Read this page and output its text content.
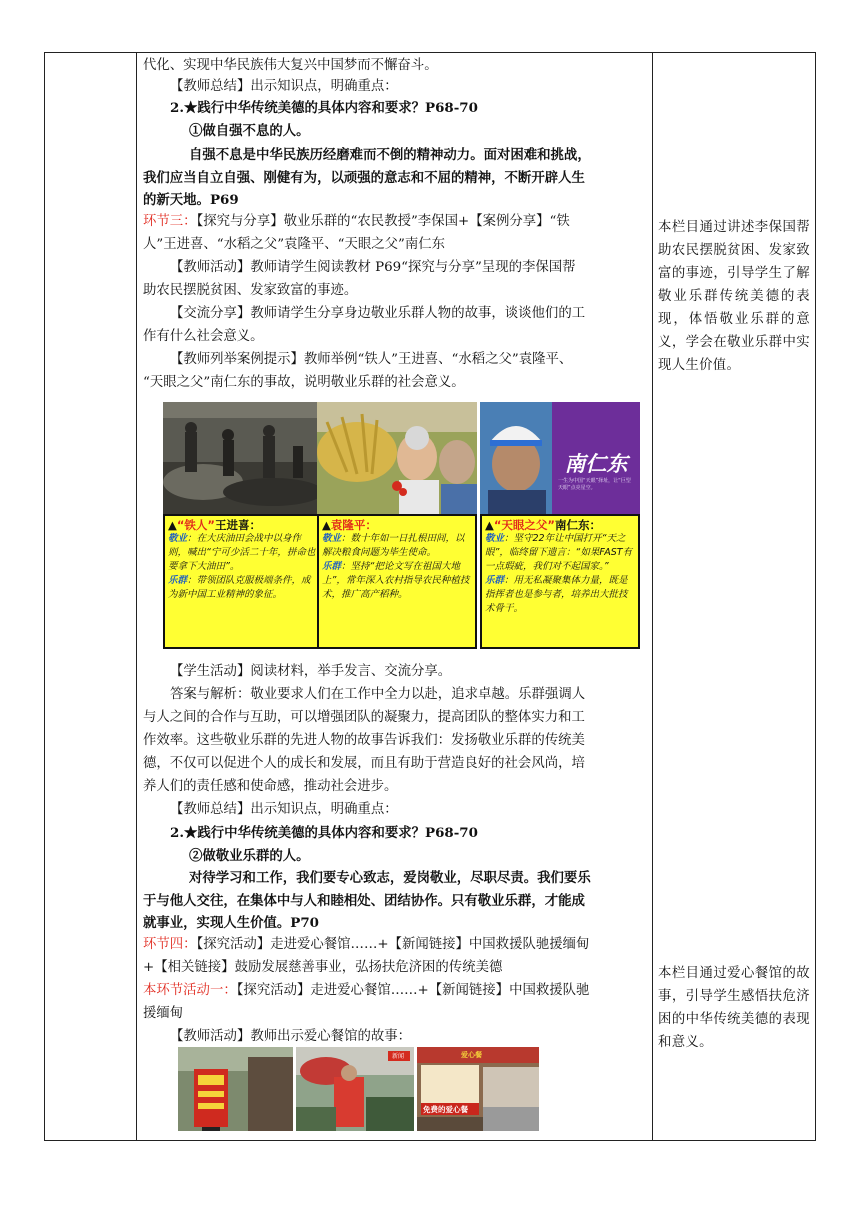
代化、实现中华民族伟大复兴中国梦而不懈奋斗。
【教师总结】出示知识点，明确重点：
2.★践行中华传统美德的具体内容和要求？P68-70
①做自强不息的人。
自强不息是中华民族历经磨难而不倒的精神动力。面对困难和挑战，
我们应当自立自强、刚健有为，以顽强的意志和不屈的精神，不断开辟人生
的新天地。P69
环节三：【探究与分享】敬业乐群的“农民教授”李保国+【案例分享】“铁
人”王进喜、“水稻之父”袁隆平、“天眼之父”南仁东
【教师活动】教师请学生阅读教材 P69“探究与分享”呈现的李保国帮
助农民摆脱贫困、发家致富的事迹。
【交流分享】教师请学生分享身边敬业乐群人物的故事，谈谈他们的工
作有什么社会意义。
【教师列举案例提示】教师举例“铁人”王进喜、“水稻之父”袁隆平、
“天眼之父”南仁东的事故，说明敬业乐群的社会意义。
▲“铁人”王进喜：

敬业：在大庆油田会战中以身作则，喊出“宁可少活二十年，拼命也要拿下大油田”。

乐群：带领团队克服极端条件，成为新中国工业精神的象征。

▲袁隆平：

敬业：数十年如一日扎根田间，以解决粮食问题为毕生使命。

乐群：坚持“把论文写在祖国大地上”，常年深入农村指导农民种植技术，推广高产稻种。

南仁东
一生为中国“天眼”择址，让“巨型天眼”点亮星空。
▲“天眼之父”南仁东：

敬业：坚守22年让中国打开“天之眼”，临终留下遗言：“如果FAST有一点瑕疵，我们对不起国家。”

乐群：用无私凝聚集体力量，既是指挥者也是参与者，培养出大批技术骨干。

【学生活动】阅读材料，举手发言、交流分享。
答案与解析：敬业要求人们在工作中全力以赴，追求卓越。乐群强调人
与人之间的合作与互助，可以增强团队的凝聚力，提高团队的整体实力和工
作效率。这些敬业乐群的先进人物的故事告诉我们：发扬敬业乐群的传统美
德，不仅可以促进个人的成长和发展，而且有助于营造良好的社会风尚，培
养人们的责任感和使命感，推动社会进步。
【教师总结】出示知识点，明确重点：
2.★践行中华传统美德的具体内容和要求？P68-70
②做敬业乐群的人。
对待学习和工作，我们要专心致志，爱岗敬业，尽职尽责。我们要乐
于与他人交往，在集体中与人和睦相处、团结协作。只有敬业乐群，才能成
就事业，实现人生价值。P70
环节四：【探究活动】走进爱心餐馆……+【新闻链接】中国救援队驰援缅甸
+【相关链接】鼓励发展慈善事业，弘扬扶危济困的传统美德
本环节活动一：【探究活动】走进爱心餐馆……+【新闻链接】中国救援队驰
援缅甸
【教师活动】教师出示爱心餐馆的故事：
新闻	爱心餐
免费的爱心餐
本栏目通过讲述李保国帮助农民摆脱贫困、发家致富的事迹，引导学生了解敬业乐群传统美德的表现，体悟敬业乐群的意义，学会在敬业乐群中实现人生价值。
本栏目通过爱心餐馆的故事，引导学生感悟扶危济困的中华传统美德的表现和意义。
